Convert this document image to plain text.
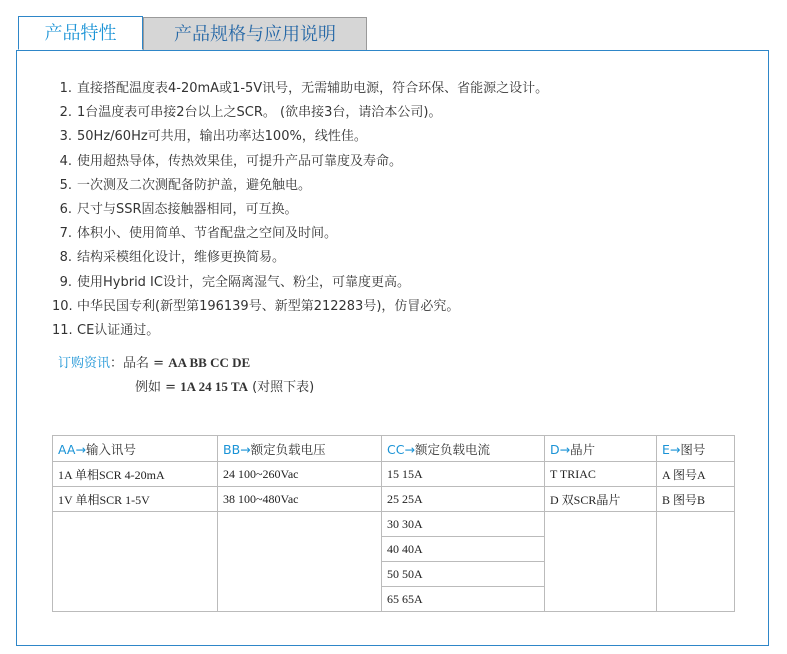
产品特性	产品规格与应用说明
1. 直接搭配温度表4-20mA或1-5V讯号，无需辅助电源，符合环保、省能源之设计。
2. 1台温度表可串接2台以上之SCR。 (欲串接3台，请洽本公司)。
3. 50Hz/60Hz可共用，输出功率达100%，线性佳。
4. 使用超热导体，传热效果佳，可提升产品可靠度及寿命。
5. 一次测及二次测配备防护盖，避免触电。
6. 尺寸与SSR固态接触器相同，可互换。
7. 体积小、使用简单、节省配盘之空间及时间。
8. 结构采模组化设计，维修更换简易。
9. 使用Hybrid IC设计，完全隔离湿气、粉尘，可靠度更高。
10. 中华民国专利(新型第196139号、新型第212283号)，仿冒必究。
11. CE认证通过。
订购资讯：品名 = AA BB CC DE
例如 = 1A 24 15 TA (对照下表)
AA→输入讯号	BB→额定负载电压	CC→额定负载电流	D→晶片	E→图号
1A 单相SCR 4-20mA	24 100~260Vac	15 15A	T TRIAC	A 图号A
1V 单相SCR 1-5V	38 100~480Vac	25 25A	D 双SCR晶片	B 图号B
		30 30A		
		40 40A		
		50 50A		
		65 65A		
